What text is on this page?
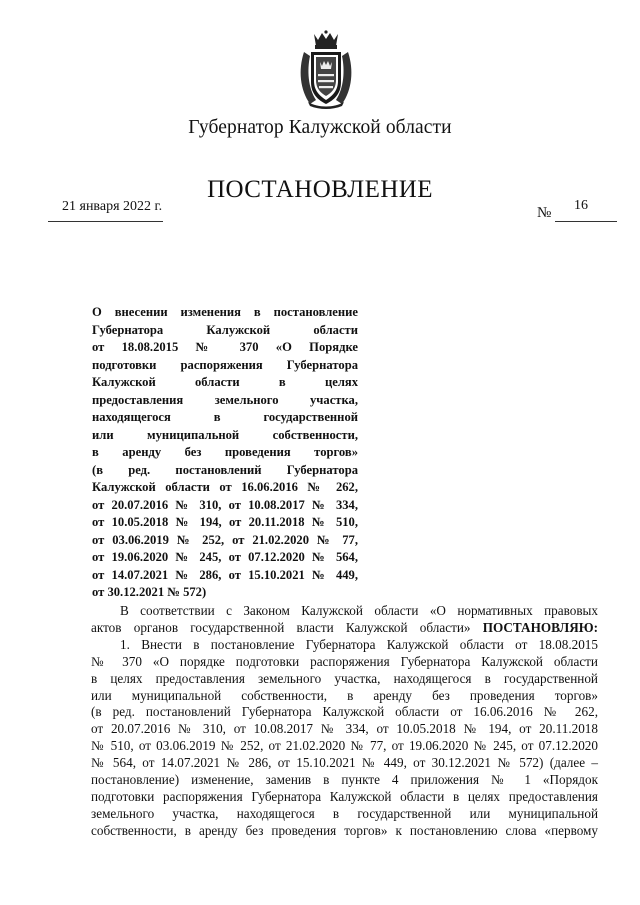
Губернатор Калужской области
ПОСТАНОВЛЕНИЕ
21 января 2022 г.	№ 16
О внесении изменения в постановление
Губернатора Калужской области
от 18.08.2015 № 370 «О Порядке
подготовки распоряжения Губернатора
Калужской области в целях
предоставления земельного участка,
находящегося в государственной
или муниципальной собственности,
в аренду без проведения торгов»
(в ред. постановлений Губернатора
Калужской области от 16.06.2016 № 262,
от 20.07.2016 № 310, от 10.08.2017 № 334,
от 10.05.2018 № 194, от 20.11.2018 № 510,
от 03.06.2019 № 252, от 21.02.2020 № 77,
от 19.06.2020 № 245, от 07.12.2020 № 564,
от 14.07.2021 № 286, от 15.10.2021 № 449,
от 30.12.2021 № 572)
В соответствии с Законом Калужской области «О нормативных правовых
актов органов государственной власти Калужской области» ПОСТАНОВЛЯЮ:
1. Внести в постановление Губернатора Калужской области от 18.08.2015
№ 370 «О порядке подготовки распоряжения Губернатора Калужской области
в целях предоставления земельного участка, находящегося в государственной
или муниципальной собственности, в аренду без проведения торгов»
(в ред. постановлений Губернатора Калужской области от 16.06.2016 № 262,
от 20.07.2016 № 310, от 10.08.2017 № 334, от 10.05.2018 № 194, от 20.11.2018
№ 510, от 03.06.2019 № 252, от 21.02.2020 № 77, от 19.06.2020 № 245, от 07.12.2020
№ 564, от 14.07.2021 № 286, от 15.10.2021 № 449, от 30.12.2021 № 572) (далее –
постановление) изменение, заменив в пункте 4 приложения № 1 «Порядок
подготовки распоряжения Губернатора Калужской области в целях предоставления
земельного участка, находящегося в государственной или муниципальной
собственности, в аренду без проведения торгов» к постановлению слова «первому
